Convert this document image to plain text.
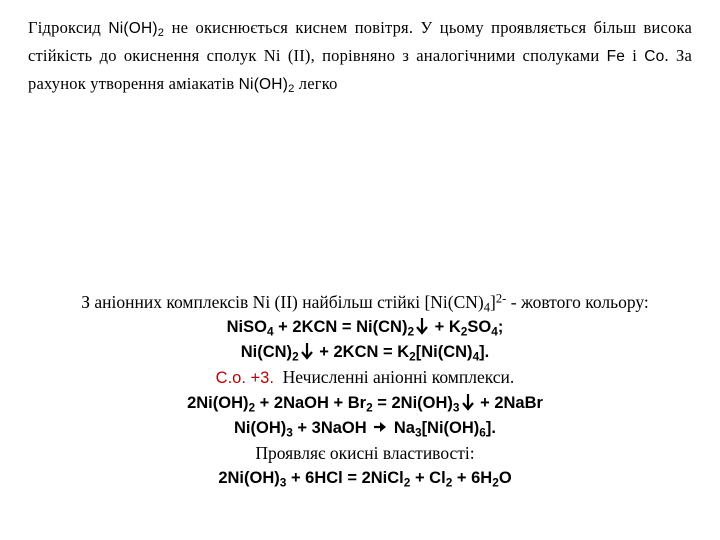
Гідроксид $Ni(OH)_2$ не окиснюється киснем повітря. У цьому проявляється більш висока стійкість до окиснення сполук Ni (II), порівняно з аналогічними сполуками Fe і Co. За рахунок утворення аміакатів $Ni(OH)_2$ легко
З аніонних комплексів Ni (II) найбільш стійкі $[Ni(CN)_4]^{2-}$ - жовтого кольору:
NiSO$_4$ + $2KCN = Ni(CN)_2 + K_2SO_4$;
$Ni(CN)_2 + 2KCN = K_2[Ni(CN)_4]$.
С.о. +3.  Нечисленні аніонні комплекси.
$2Ni(OH)_2$ + 2NaOH + $Br_2 = 2Ni(OH)_3$ + 2NaBr
$Ni(OH)_3$ + 3NaOH → $Na_3[Ni(OH)_6]$.
Проявляє окисні властивості:
$2Ni(OH)_3 + 6HCl$ = 2NiCl$_2$ + $Cl_2 + 6H_2O$
